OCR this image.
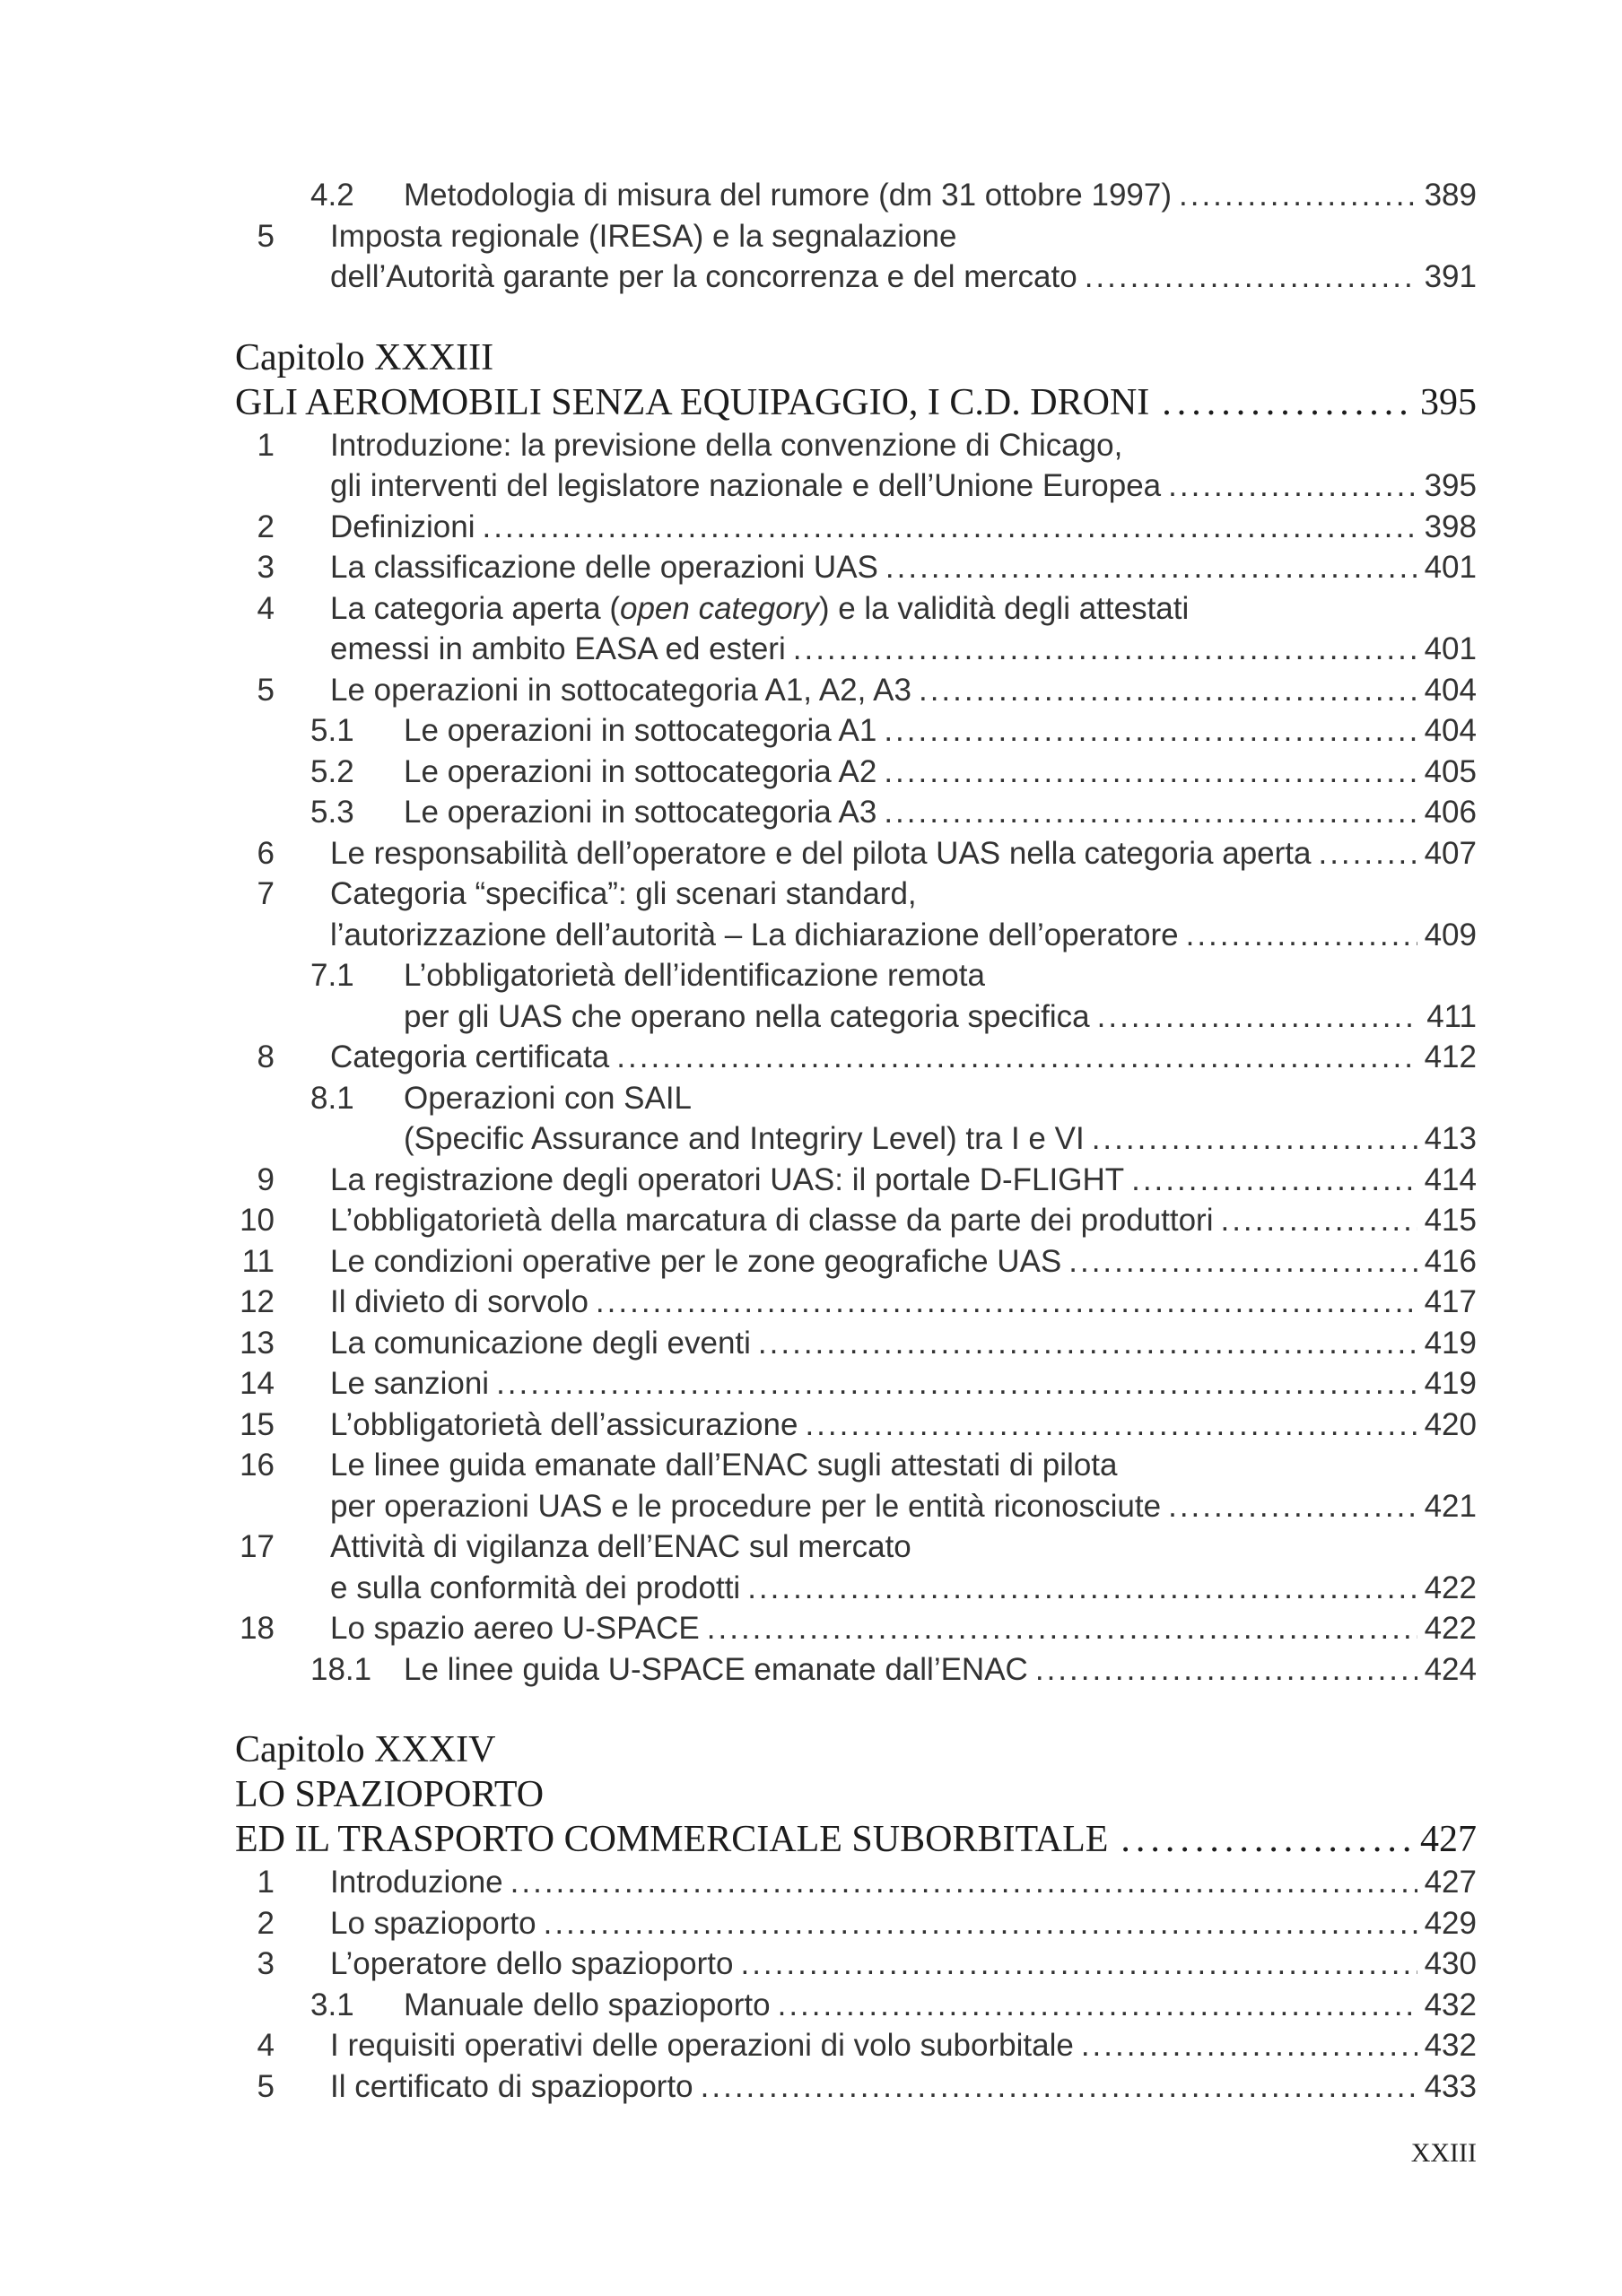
4.2 Metodologia di misura del rumore (dm 31 ottobre 1997) .....	389
5 Imposta regionale (IRESA) e la segnalazione
dell’Autorità garante per la concorrenza e del mercato .....	391
Capitolo XXXIII
GLI AEROMOBILI SENZA EQUIPAGGIO, I C.D. DRONI .....	395
1 Introduzione: la previsione della convenzione di Chicago,
gli interventi del legislatore nazionale e dell’Unione Europea .....	395
2 Definizioni .....	398
3 La classificazione delle operazioni UAS .....	401
4 La categoria aperta (open category) e la validità degli attestati
emessi in ambito EASA ed esteri .....	401
5 Le operazioni in sottocategoria A1, A2, A3 .....	404
5.1 Le operazioni in sottocategoria A1 .....	404
5.2 Le operazioni in sottocategoria A2 .....	405
5.3 Le operazioni in sottocategoria A3 .....	406
6 Le responsabilità dell’operatore e del pilota UAS nella categoria aperta .....	407
7 Categoria “specifica”: gli scenari standard,
l’autorizzazione dell’autorità – La dichiarazione dell’operatore .....	409
7.1 L’obbligatorietà dell’identificazione remota
per gli UAS che operano nella categoria specifica .....	411
8 Categoria certificata .....	412
8.1 Operazioni con SAIL
(Specific Assurance and Integriry Level) tra I e VI .....	413
9 La registrazione degli operatori UAS: il portale D-FLIGHT .....	414
10 L’obbligatorietà della marcatura di classe da parte dei produttori .....	415
11 Le condizioni operative per le zone geografiche UAS .....	416
12 Il divieto di sorvolo .....	417
13 La comunicazione degli eventi .....	419
14 Le sanzioni .....	419
15 L’obbligatorietà dell’assicurazione .....	420
16 Le linee guida emanate dall’ENAC sugli attestati di pilota
per operazioni UAS e le procedure per le entità riconosciute .....	421
17 Attività di vigilanza dell’ENAC sul mercato
e sulla conformità dei prodotti .....	422
18 Lo spazio aereo U-SPACE .....	422
18.1 Le linee guida U-SPACE emanate dall’ENAC .....	424
Capitolo XXXIV
LO SPAZIOPORTO
ED IL TRASPORTO COMMERCIALE SUBORBITALE .....	427
1 Introduzione .....	427
2 Lo spazioporto .....	429
3 L’operatore dello spazioporto .....	430
3.1 Manuale dello spazioporto .....	432
4 I requisiti operativi delle operazioni di volo suborbitale .....	432
5 Il certificato di spazioporto .....	433
XXIII
